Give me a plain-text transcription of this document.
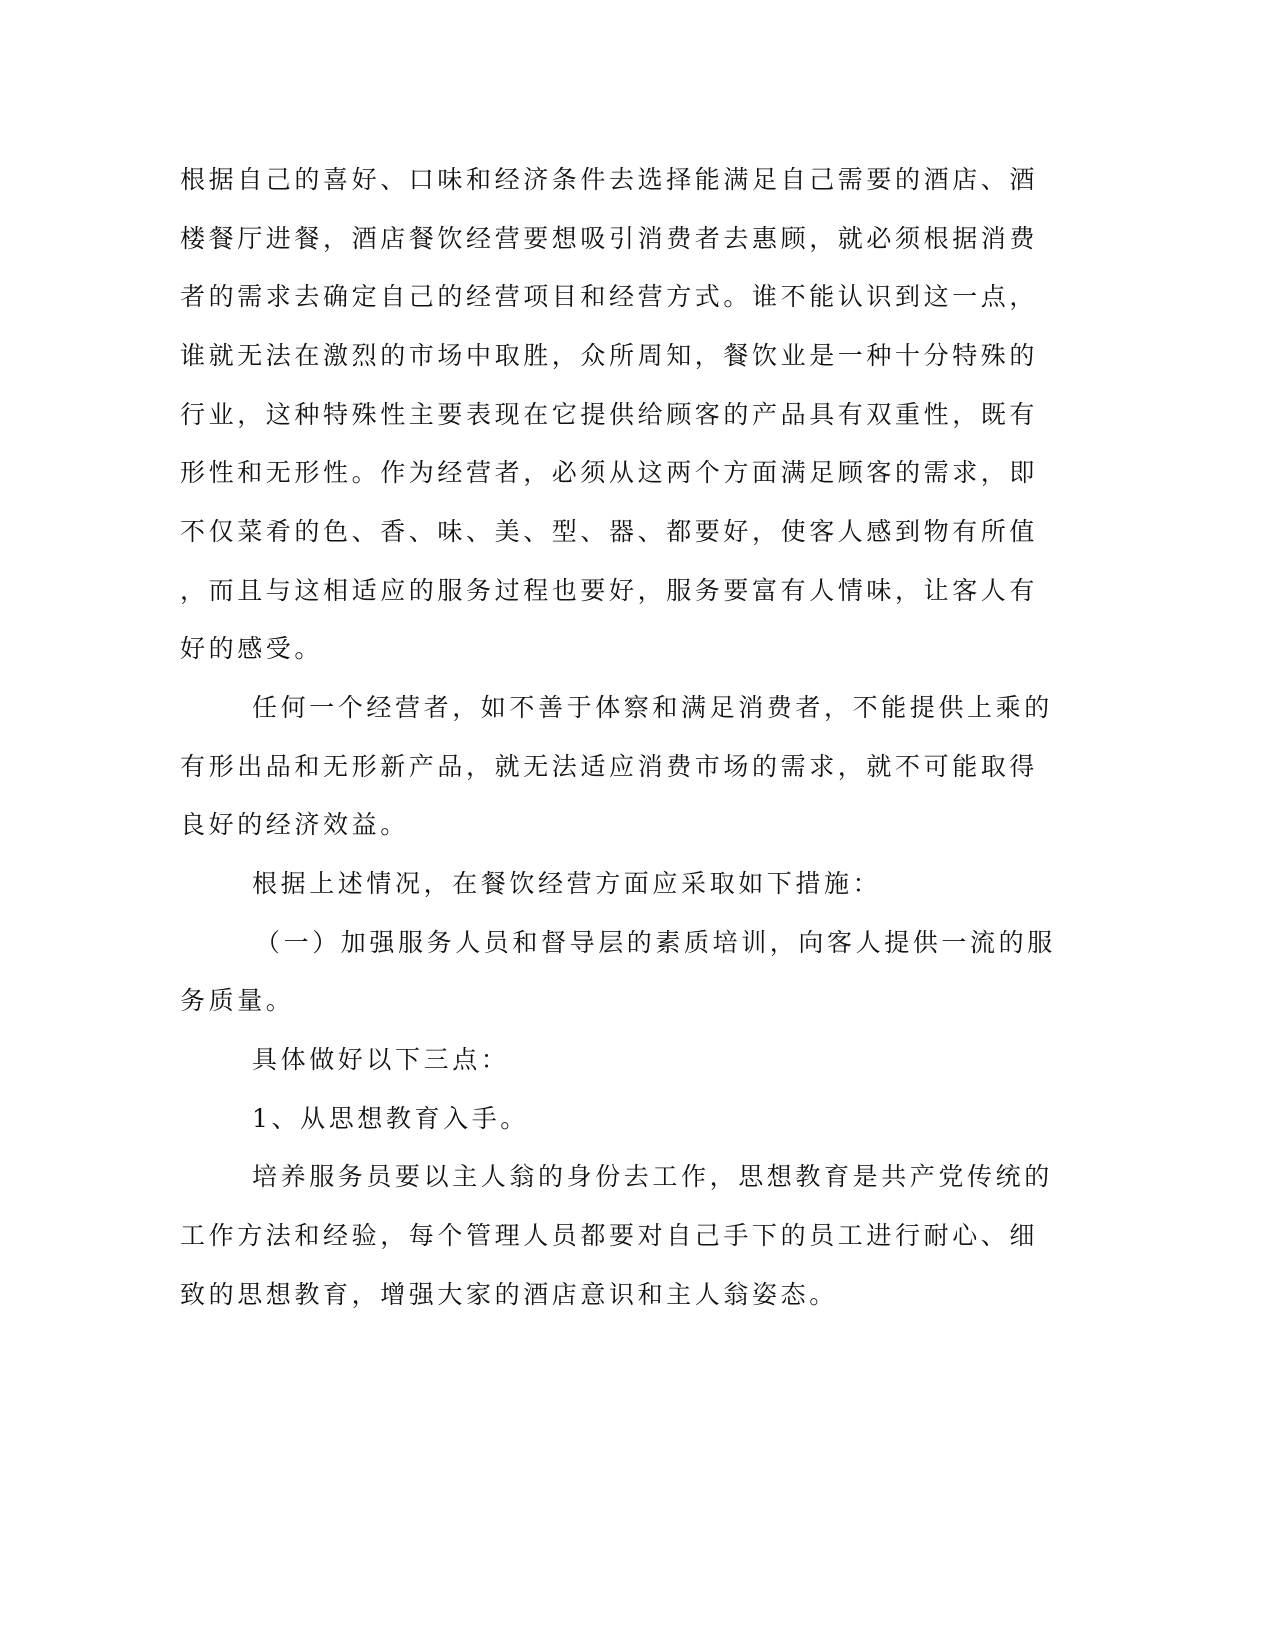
根据自己的喜好、口味和经济条件去选择能满足自己需要的酒店、酒
楼餐厅进餐，酒店餐饮经营要想吸引消费者去惠顾，就必须根据消费
者的需求去确定自己的经营项目和经营方式。谁不能认识到这一点，
谁就无法在激烈的市场中取胜，众所周知，餐饮业是一种十分特殊的
行业，这种特殊性主要表现在它提供给顾客的产品具有双重性，既有
形性和无形性。作为经营者，必须从这两个方面满足顾客的需求，即
不仅菜肴的色、香、味、美、型、器、都要好，使客人感到物有所值
，而且与这相适应的服务过程也要好，服务要富有人情味，让客人有
好的感受。
任何一个经营者，如不善于体察和满足消费者，不能提供上乘的
有形出品和无形新产品，就无法适应消费市场的需求，就不可能取得
良好的经济效益。
根据上述情况，在餐饮经营方面应采取如下措施：
（一）加强服务人员和督导层的素质培训，向客人提供一流的服
务质量。
具体做好以下三点：
1、从思想教育入手。
培养服务员要以主人翁的身份去工作，思想教育是共产党传统的
工作方法和经验，每个管理人员都要对自己手下的员工进行耐心、细
致的思想教育，增强大家的酒店意识和主人翁姿态。
